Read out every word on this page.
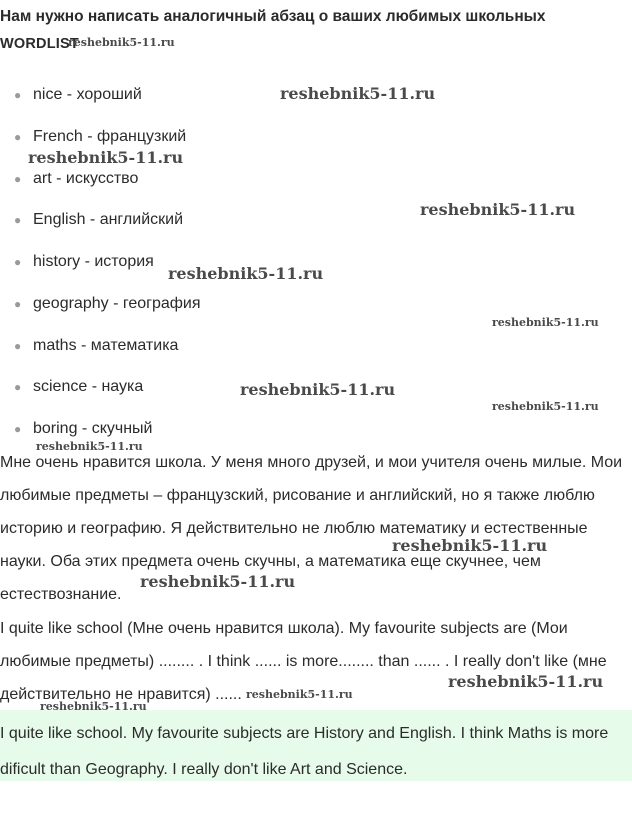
Нам нужно написать аналогичный абзац о ваших любимых школьных
WORDLIST
● nice - хороший
● French - французкий
● art - искусство
● English - английский
● history - история
● geography - география
● maths - математика
● science - наука
● boring - скучный

Мне очень нравится школа. У меня много друзей, и мои учителя очень милые. Мои любимые предметы – французский, рисование и английский, но я также люблю историю и географию. Я действительно не люблю математику и естественные науки. Оба этих предмета очень скучны, а математика еще скучнее, чем естествознание.

I quite like school (Мне очень нравится школа). My favourite subjects are (Мои любимые предметы) ........ . I think ...... is more........ than ...... . I really don't like (мне действительно не нравится) ......

I quite like school. My favourite subjects are History and English. I think Maths is more dificult than Geography. I really don't like Art and Science.

reshebnik5-11.ru
reshebnik5-11.ru
reshebnik5-11.ru
reshebnik5-11.ru
reshebnik5-11.ru
reshebnik5-11.ru
reshebnik5-11.ru
reshebnik5-11.ru
reshebnik5-11.ru
reshebnik5-11.ru
reshebnik5-11.ru
reshebnik5-11.ru
reshebnik5-11.ru
reshebnik5-11.ru
